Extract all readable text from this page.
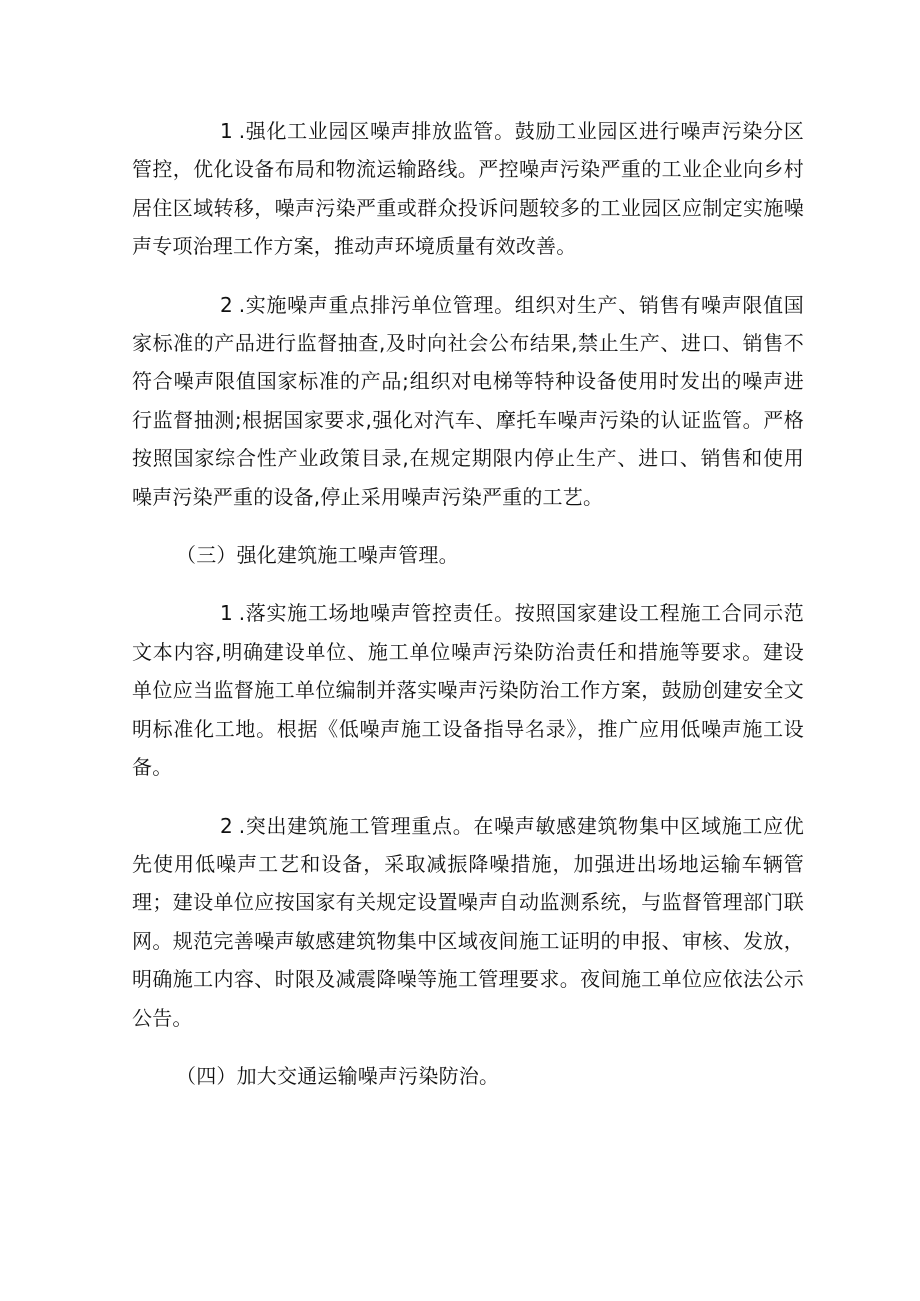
1 .强化工业园区噪声排放监管。鼓励工业园区进行噪声污染分区管控，优化设备布局和物流运输路线。严控噪声污染严重的工业企业向乡村居住区域转移，噪声污染严重或群众投诉问题较多的工业园区应制定实施噪声专项治理工作方案，推动声环境质量有效改善。

2 .实施噪声重点排污单位管理。组织对生产、销售有噪声限值国家标准的产品进行监督抽查,及时向社会公布结果,禁止生产、进口、销售不符合噪声限值国家标准的产品;组织对电梯等特种设备使用时发出的噪声进行监督抽测;根据国家要求,强化对汽车、摩托车噪声污染的认证监管。严格按照国家综合性产业政策目录,在规定期限内停止生产、进口、销售和使用噪声污染严重的设备,停止采用噪声污染严重的工艺。

（三）强化建筑施工噪声管理。

1 .落实施工场地噪声管控责任。按照国家建设工程施工合同示范文本内容,明确建设单位、施工单位噪声污染防治责任和措施等要求。建设单位应当监督施工单位编制并落实噪声污染防治工作方案，鼓励创建安全文明标准化工地。根据《低噪声施工设备指导名录》，推广应用低噪声施工设备。

2 .突出建筑施工管理重点。在噪声敏感建筑物集中区域施工应优先使用低噪声工艺和设备，采取减振降噪措施，加强进出场地运输车辆管理；建设单位应按国家有关规定设置噪声自动监测系统，与监督管理部门联网。规范完善噪声敏感建筑物集中区域夜间施工证明的申报、审核、发放，明确施工内容、时限及减震降噪等施工管理要求。夜间施工单位应依法公示公告。

（四）加大交通运输噪声污染防治。
